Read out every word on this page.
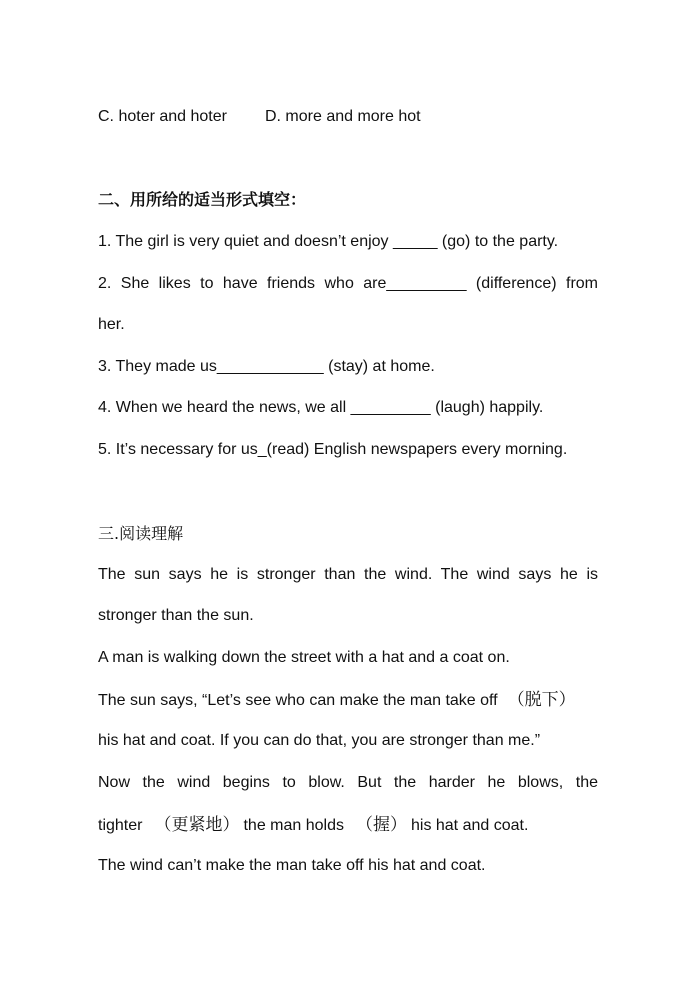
C. hoter and hoter D. more and more hot
二、用所给的适当形式填空：
1. The girl is very quiet and doesn’t enjoy _____ (go) to the party.
2. She likes to have friends who are_________ (difference) from
her.
3. They made us____________ (stay) at home.
4. When we heard the news, we all _________ (laugh) happily.
5. It’s necessary for us_(read) English newspapers every morning.
三.阅读理解
The sun says he is stronger than the wind. The wind says he is
stronger than the sun.
A man is walking down the street with a hat and a coat on.
The sun says, “Let’s see who can make the man take off （脱下）
his hat and coat. If you can do that, you are stronger than me.”
Now the wind begins to blow. But the harder he blows, the
tighter （更紧地） the man holds （握） his hat and coat.
The wind can’t make the man take off his hat and coat.
